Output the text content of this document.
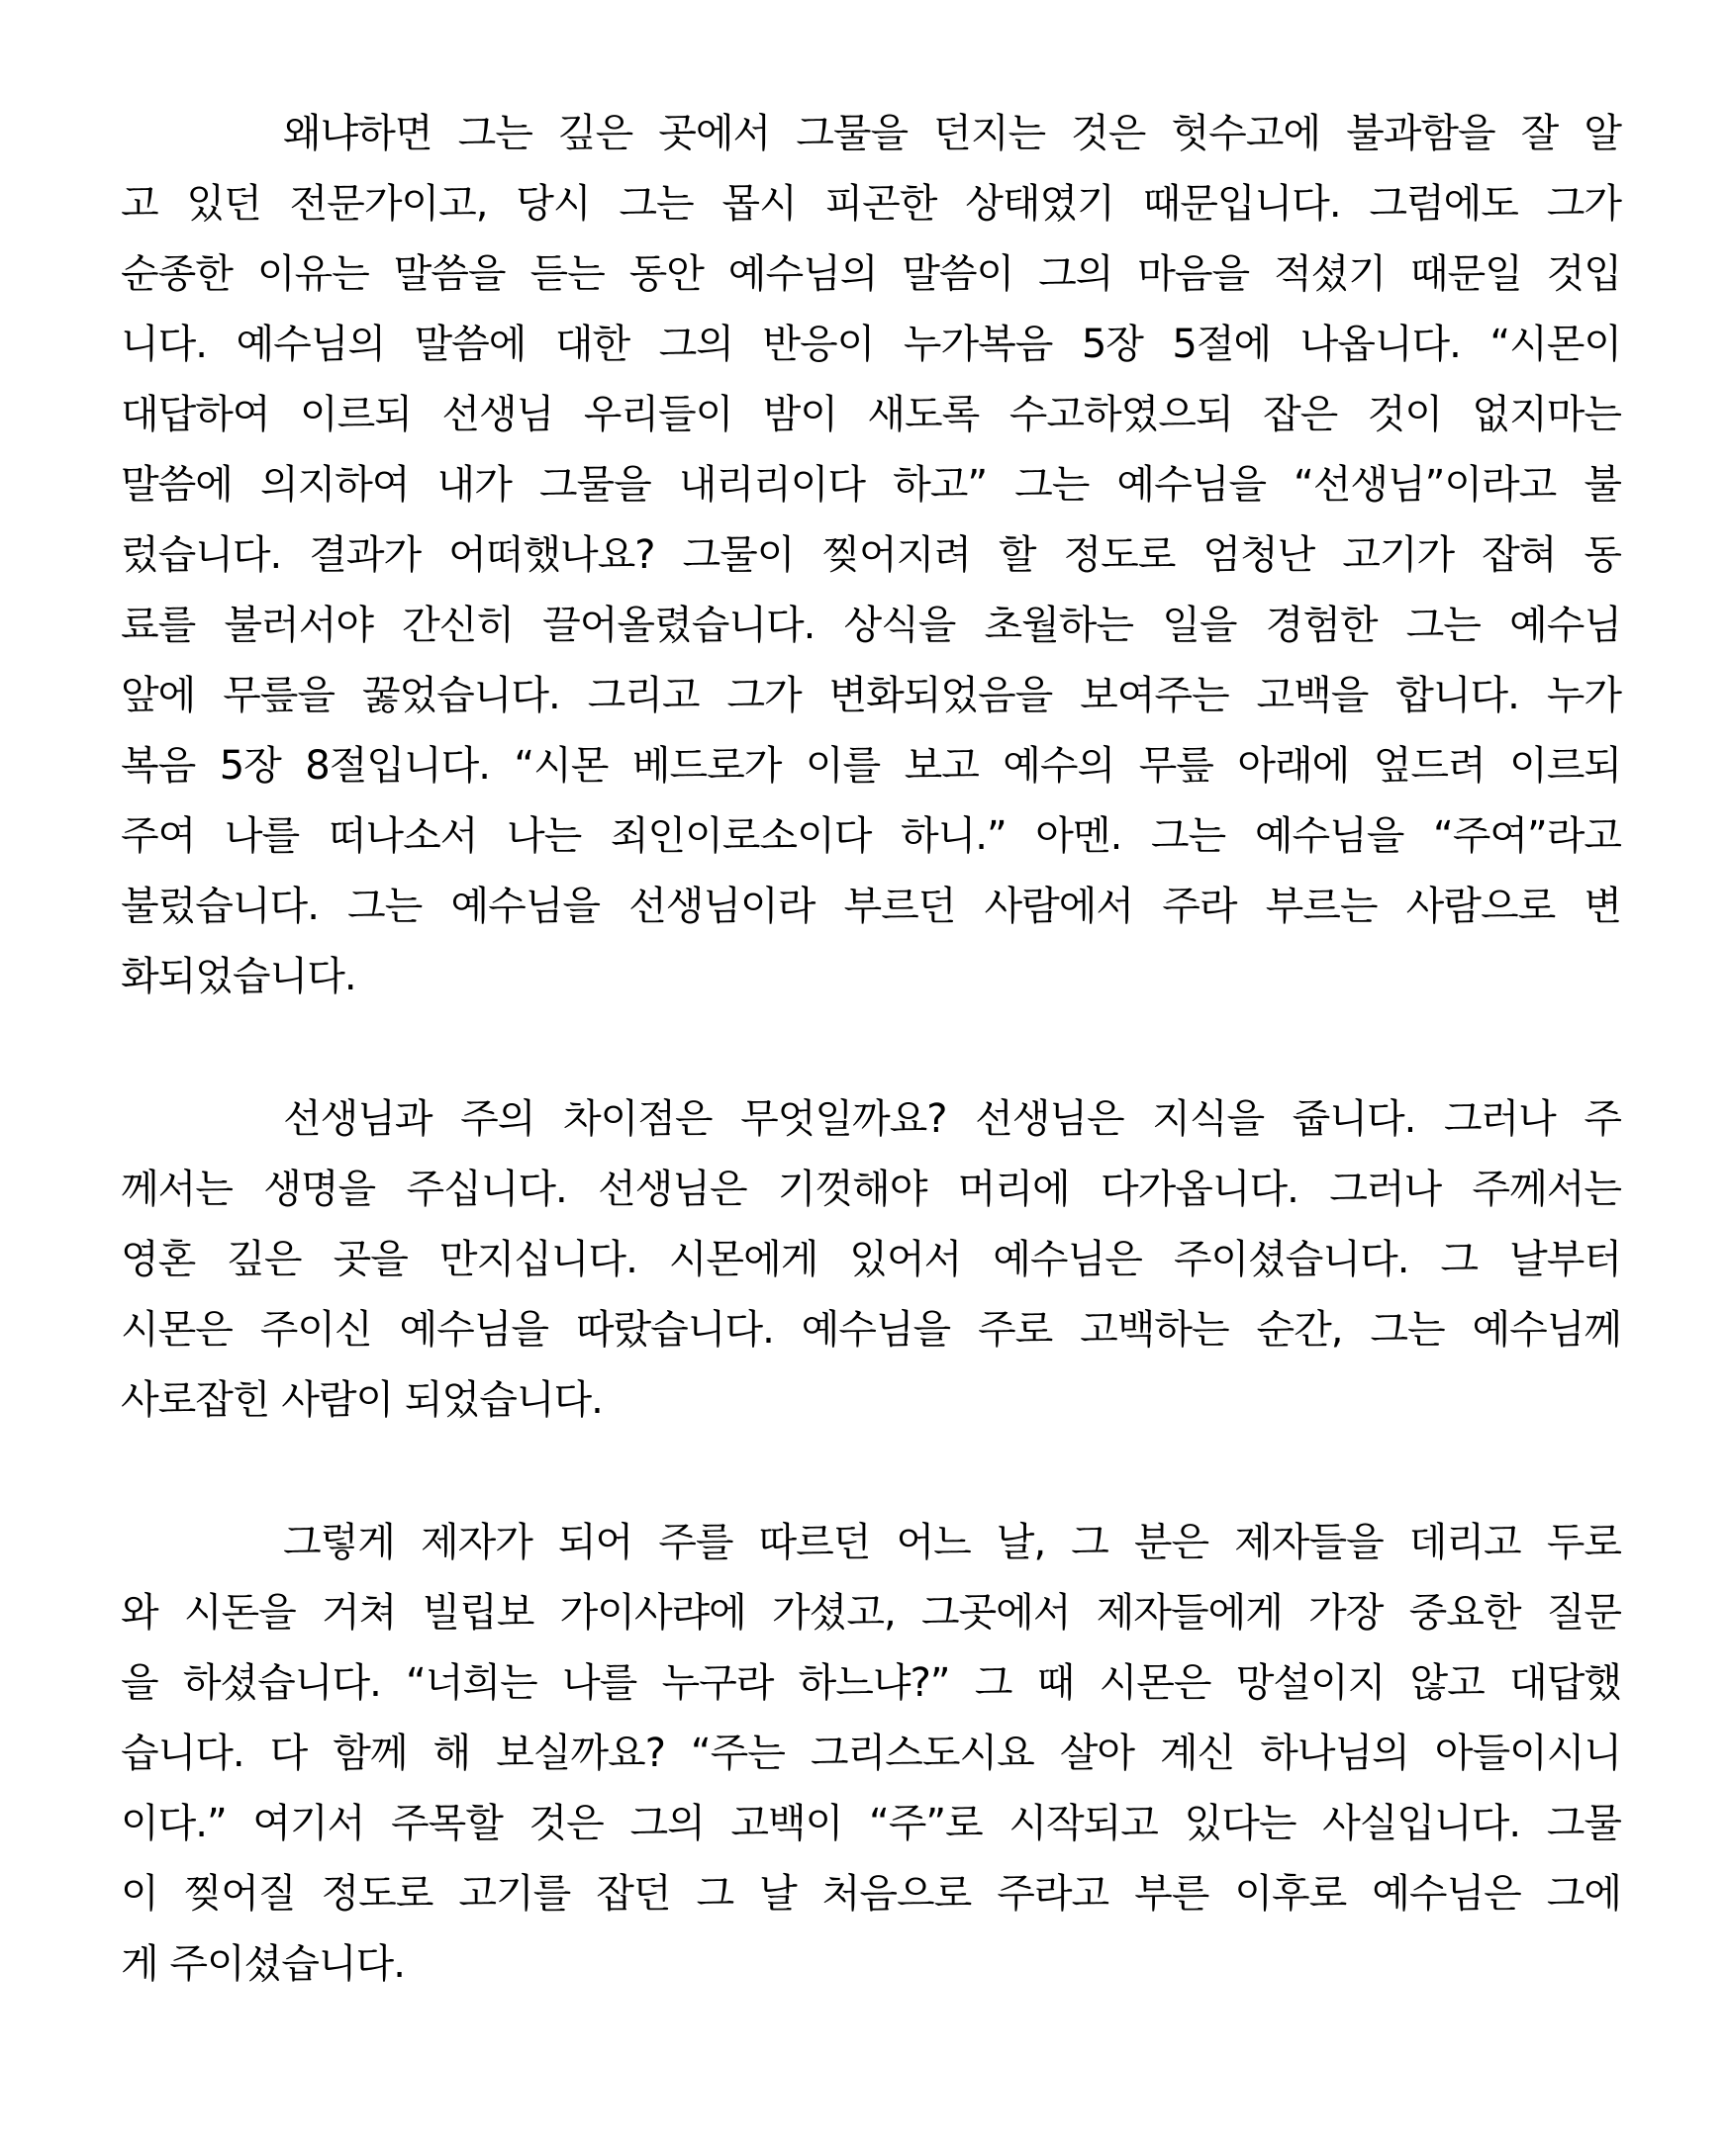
왜냐하면 그는 깊은 곳에서 그물을 던지는 것은 헛수고에 불과함을 잘 알
고 있던 전문가이고, 당시 그는 몹시 피곤한 상태였기 때문입니다. 그럼에도 그가
순종한 이유는 말씀을 듣는 동안 예수님의 말씀이 그의 마음을 적셨기 때문일 것입
니다. 예수님의 말씀에 대한 그의 반응이 누가복음 5장 5절에 나옵니다. “시몬이
대답하여 이르되 선생님 우리들이 밤이 새도록 수고하였으되 잡은 것이 없지마는
말씀에 의지하여 내가 그물을 내리리이다 하고” 그는 예수님을 “선생님”이라고 불
렀습니다. 결과가 어떠했나요? 그물이 찢어지려 할 정도로 엄청난 고기가 잡혀 동
료를 불러서야 간신히 끌어올렸습니다. 상식을 초월하는 일을 경험한 그는 예수님
앞에 무릎을 꿇었습니다. 그리고 그가 변화되었음을 보여주는 고백을 합니다. 누가
복음 5장 8절입니다. “시몬 베드로가 이를 보고 예수의 무릎 아래에 엎드려 이르되
주여 나를 떠나소서 나는 죄인이로소이다 하니.” 아멘. 그는 예수님을 “주여”라고
불렀습니다. 그는 예수님을 선생님이라 부르던 사람에서 주라 부르는 사람으로 변
화되었습니다.
선생님과 주의 차이점은 무엇일까요? 선생님은 지식을 줍니다. 그러나 주
께서는 생명을 주십니다. 선생님은 기껏해야 머리에 다가옵니다. 그러나 주께서는
영혼 깊은 곳을 만지십니다. 시몬에게 있어서 예수님은 주이셨습니다. 그 날부터
시몬은 주이신 예수님을 따랐습니다. 예수님을 주로 고백하는 순간, 그는 예수님께
사로잡힌 사람이 되었습니다.
그렇게 제자가 되어 주를 따르던 어느 날, 그 분은 제자들을 데리고 두로
와 시돈을 거쳐 빌립보 가이사랴에 가셨고, 그곳에서 제자들에게 가장 중요한 질문
을 하셨습니다. “너희는 나를 누구라 하느냐?” 그 때 시몬은 망설이지 않고 대답했
습니다. 다 함께 해 보실까요? “주는 그리스도시요 살아 계신 하나님의 아들이시니
이다.” 여기서 주목할 것은 그의 고백이 “주”로 시작되고 있다는 사실입니다. 그물
이 찢어질 정도로 고기를 잡던 그 날 처음으로 주라고 부른 이후로 예수님은 그에
게 주이셨습니다.
